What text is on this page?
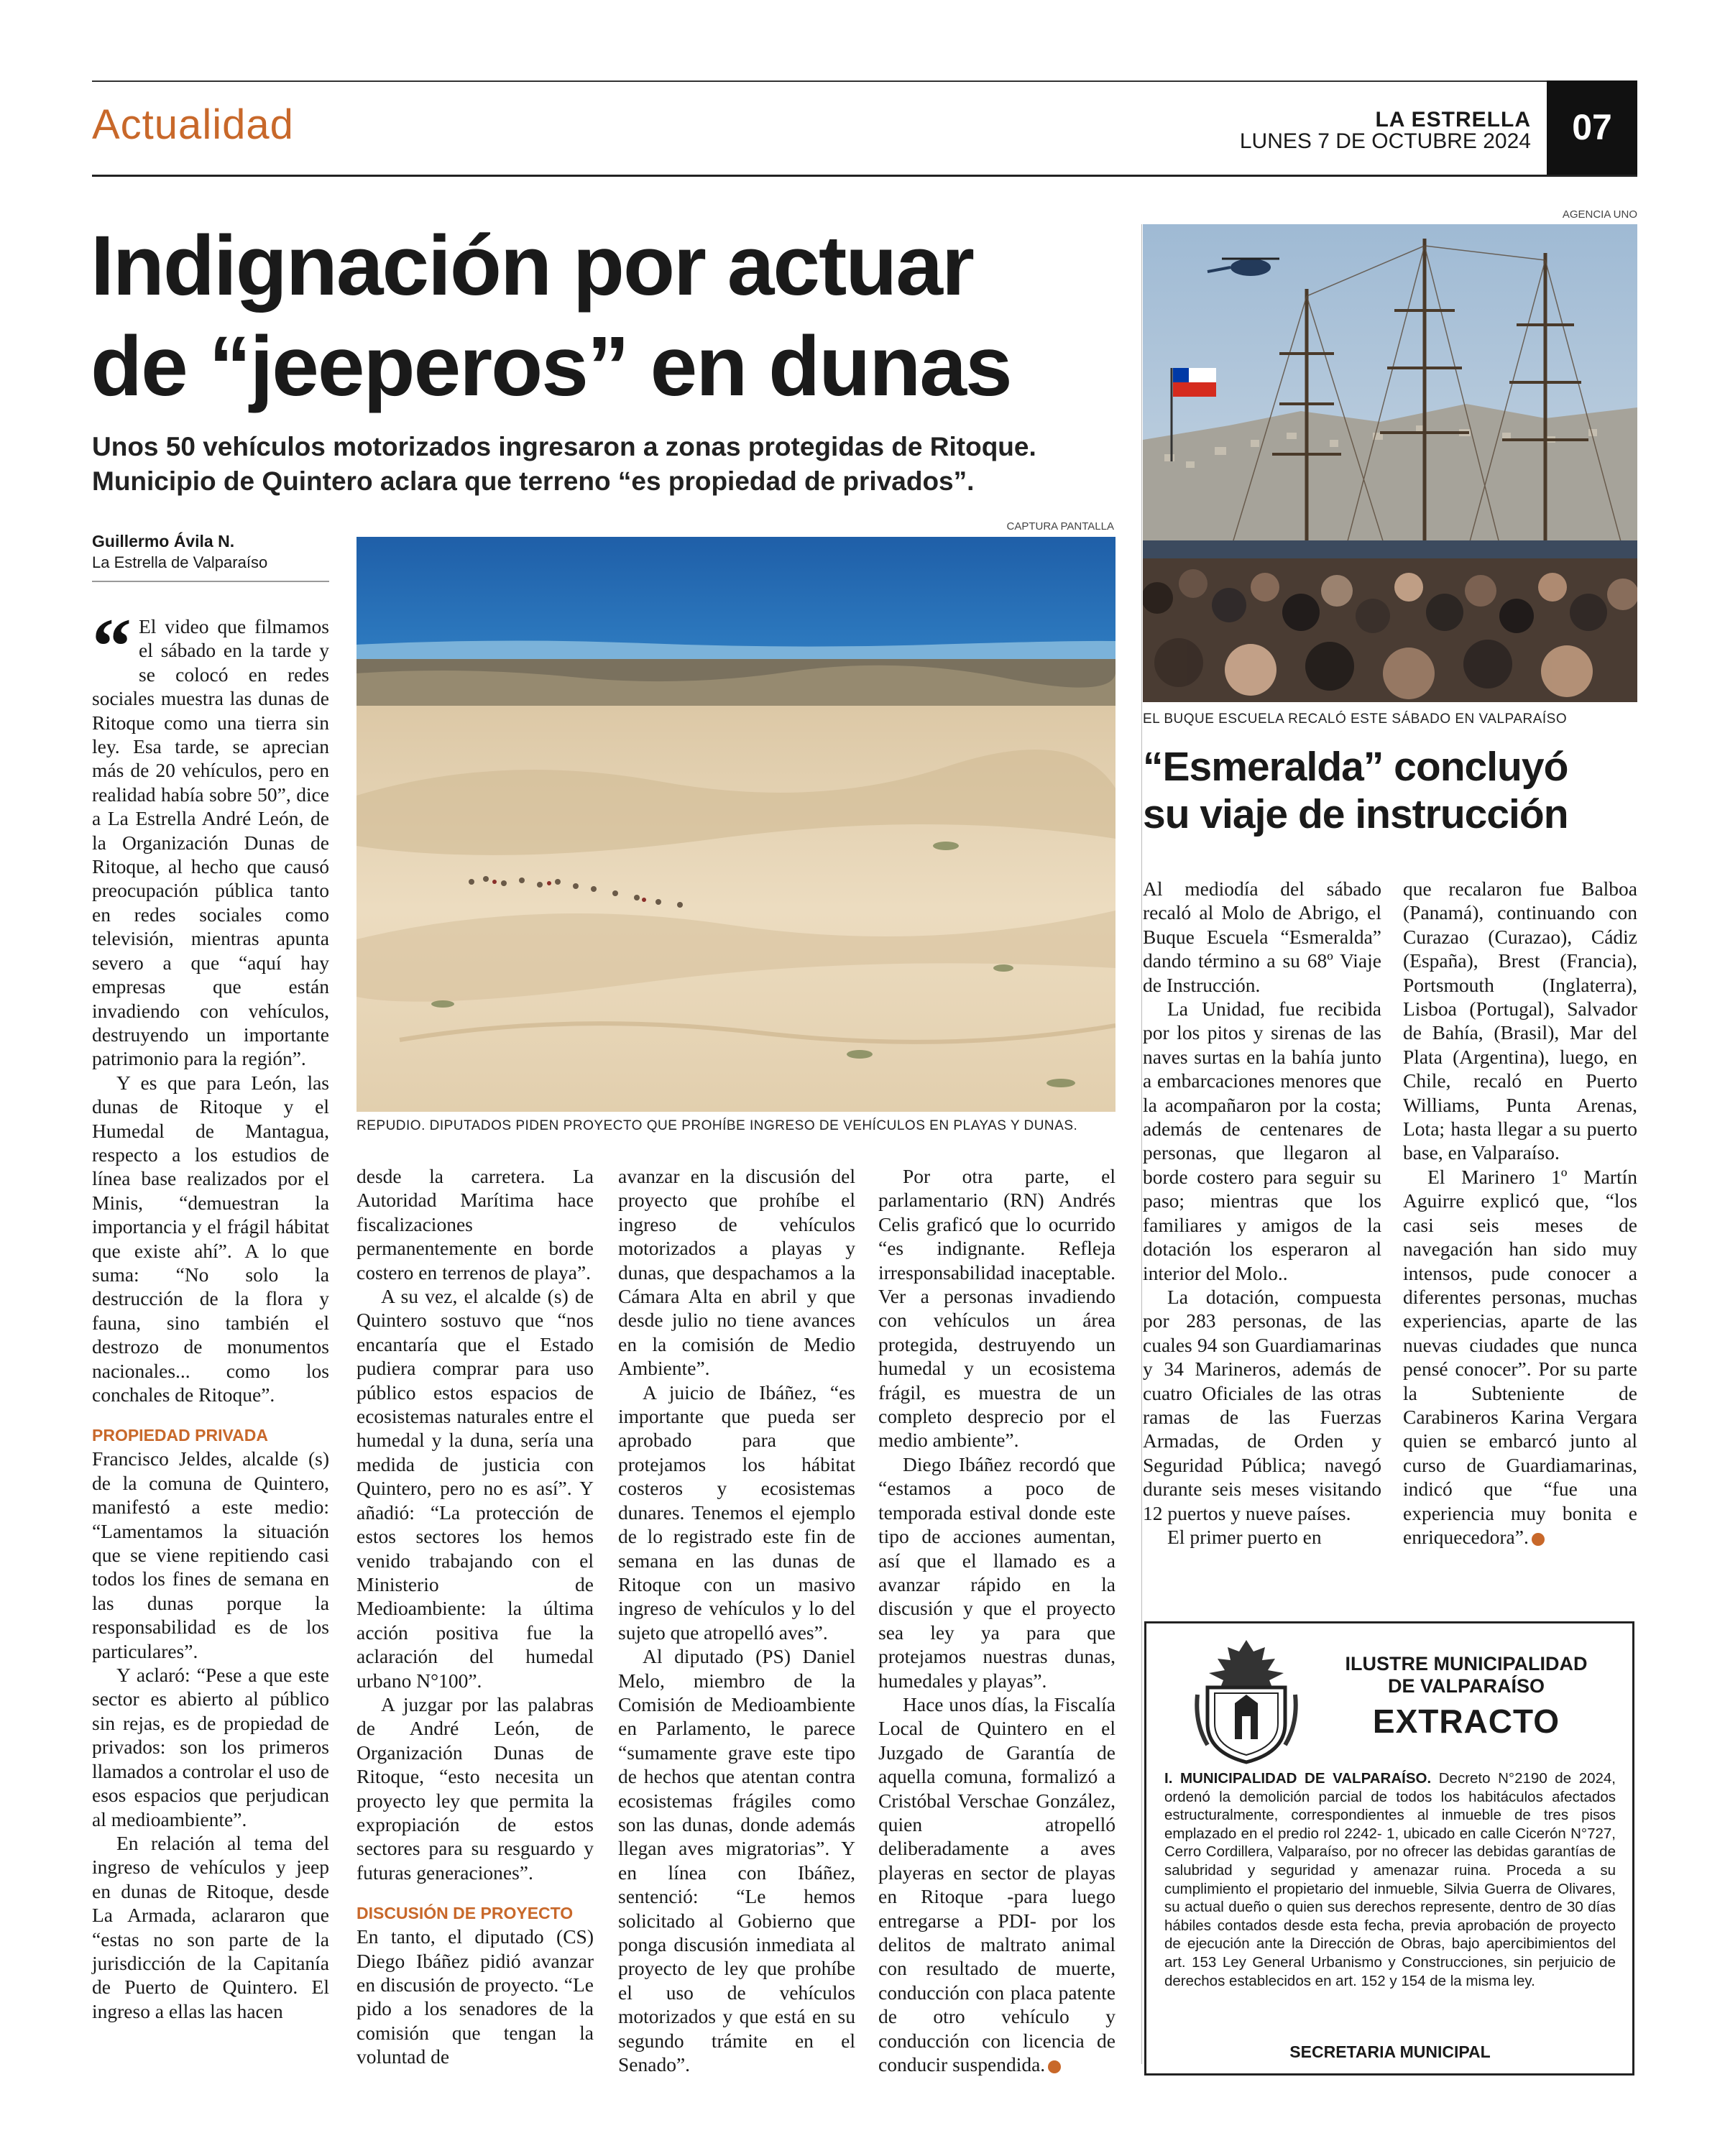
Actualidad	LA ESTRELLA
LUNES 7 DE OCTUBRE 2024	07
Indignación por actuar
de “jeeperos” en dunas
Unos 50 vehículos motorizados ingresaron a zonas protegidas de Ritoque. Municipio de Quintero aclara que terreno “es propiedad de privados”.
Guillermo Ávila N.
La Estrella de Valparaíso
CAPTURA PANTALLA
REPUDIO. DIPUTADOS PIDEN PROYECTO QUE PROHÍBE INGRESO DE VEHÍCULOS EN PLAYAS Y DUNAS.

“ El video que filmamos el sábado en la tarde y se colocó en redes sociales muestra las dunas de Ritoque como una tierra sin ley. Esa tarde, se aprecian más de 20 vehículos, pero en realidad había sobre 50”, dice a La Estrella André León, de la Organización Dunas de Ritoque, al hecho que causó preocupación pública tanto en redes sociales como televisión, mientras apunta severo a que “aquí hay empresas que están invadiendo con vehículos, destruyendo un importante patrimonio para la región”.

Y es que para León, las dunas de Ritoque y el Humedal de Mantagua, respecto a los estudios de línea base realizados por el Minis, “demuestran la importancia y el frágil hábitat que existe ahí”. A lo que suma: “No solo la destrucción de la flora y fauna, sino también el destrozo de monumentos nacionales... como los conchales de Ritoque”.

PROPIEDAD PRIVADA

Francisco Jeldes, alcalde (s) de la comuna de Quintero, manifestó a este medio: “Lamentamos la situación que se viene repitiendo casi todos los fines de semana en las dunas porque la responsabilidad es de los particulares”.

Y aclaró: “Pese a que este sector es abierto al público sin rejas, es de propiedad de privados: son los primeros llamados a controlar el uso de esos espacios que perjudican al medioambiente”.

En relación al tema del ingreso de vehículos y jeep en dunas de Ritoque, desde La Armada, aclararon que “estas no son parte de la jurisdicción de la Capitanía de Puerto de Quintero. El ingreso a ellas las hacen

desde la carretera. La Autoridad Marítima hace fiscalizaciones permanentemente en borde costero en terrenos de playa”.

A su vez, el alcalde (s) de Quintero sostuvo que “nos encantaría que el Estado pudiera comprar para uso público estos espacios de ecosistemas naturales entre el humedal y la duna, sería una medida de justicia con Quintero, pero no es así”. Y añadió: “La protección de estos sectores los hemos venido trabajando con el Ministerio de Medioambiente: la última acción positiva fue la aclaración del humedal urbano N°100”.

A juzgar por las palabras de André León, de Organización Dunas de Ritoque, “esto necesita un proyecto ley que permita la expropiación de estos sectores para su resguardo y futuras generaciones”.

DISCUSIÓN DE PROYECTO

En tanto, el diputado (CS) Diego Ibáñez pidió avanzar en discusión de proyecto. “Le pido a los senadores de la comisión que tengan la voluntad de

avanzar en la discusión del proyecto que prohíbe el ingreso de vehículos motorizados a playas y dunas, que despachamos a la Cámara Alta en abril y que desde julio no tiene avances en la comisión de Medio Ambiente”.

A juicio de Ibáñez, “es importante que pueda ser aprobado para que protejamos los hábitat costeros y ecosistemas dunares. Tenemos el ejemplo de lo registrado este fin de semana en las dunas de Ritoque con un masivo ingreso de vehículos y lo del sujeto que atropelló aves”.

Al diputado (PS) Daniel Melo, miembro de la Comisión de Medioambiente en Parlamento, le parece “sumamente grave este tipo de hechos que atentan contra ecosistemas frágiles como son las dunas, donde además llegan aves migratorias”. Y en línea con Ibáñez, sentenció: “Le hemos solicitado al Gobierno que ponga discusión inmediata al proyecto de ley que prohíbe el uso de vehículos motorizados y que está en su segundo trámite en el Senado”.

Por otra parte, el parlamentario (RN) Andrés Celis graficó que lo ocurrido “es indignante. Refleja irresponsabilidad inaceptable. Ver a personas invadiendo con vehículos un área protegida, destruyendo un humedal y un ecosistema frágil, es muestra de un completo desprecio por el medio ambiente”.

Diego Ibáñez recordó que “estamos a poco de temporada estival donde este tipo de acciones aumentan, así que el llamado es a avanzar rápido en la discusión y que el proyecto sea ley ya para que protejamos nuestras dunas, humedales y playas”.

Hace unos días, la Fiscalía Local de Quintero en el Juzgado de Garantía de aquella comuna, formalizó a Cristóbal Verschae González, quien atropelló deliberadamente a aves playeras en sector de playas en Ritoque -para luego entregarse a PDI- por los delitos de maltrato animal con resultado de muerte, conducción con placa patente de otro vehículo y conducción con licencia de conducir suspendida.	✪

AGENCIA UNO
EL BUQUE ESCUELA RECALÓ ESTE SÁBADO EN VALPARAÍSO
“Esmeralda” concluyó
su viaje de instrucción

Al mediodía del sábado recaló al Molo de Abrigo, el Buque Escuela “Esmeralda” dando término a su 68º Viaje de Instrucción.

La Unidad, fue recibida por los pitos y sirenas de las naves surtas en la bahía junto a embarcaciones menores que la acompañaron por la costa; además de centenares de personas, que llegaron al borde costero para seguir su paso; mientras que los familiares y amigos de la dotación los esperaron al interior del Molo..

La dotación, compuesta por 283 personas, de las cuales 94 son Guardiamarinas y 34 Marineros, además de cuatro Oficiales de las otras ramas de las Fuerzas Armadas, de Orden y Seguridad Pública; navegó durante seis meses visitando 12 puertos y nueve países.

El primer puerto en

que recalaron fue Balboa (Panamá), continuando con Curazao (Curazao), Cádiz (España), Brest (Francia), Portsmouth (Inglaterra), Lisboa (Portugal), Salvador de Bahía, (Brasil), Mar del Plata (Argentina), luego, en Chile, recaló en Puerto Williams, Punta Arenas, Lota; hasta llegar a su puerto base, en Valparaíso.

El Marinero 1º Martín Aguirre explicó que, “los casi seis meses de navegación han sido muy intensos, pude conocer a diferentes personas, muchas experiencias, aparte de las nuevas ciudades que nunca pensé conocer”. Por su parte la Subteniente de Carabineros Karina Vergara quien se embarcó junto al curso de Guardiamarinas, indicó que “fue una experiencia muy bonita e enriquecedora”.	✪

ILUSTRE MUNICIPALIDAD
DE VALPARAÍSO
EXTRACTO
I. MUNICIPALIDAD DE VALPARAÍSO. Decreto N°2190 de 2024, ordenó la demolición parcial de todos los habitáculos afectados estructuralmente, correspondientes al inmueble de tres pisos emplazado en el predio rol 2242- 1, ubicado en calle Cicerón N°727, Cerro Cordillera, Valparaíso, por no ofrecer las debidas garantías de salubridad y seguridad y amenazar ruina. Proceda a su cumplimiento el propietario del inmueble, Silvia Guerra de Olivares, su actual dueño o quien sus derechos represente, dentro de 30 días hábiles contados desde esta fecha, previa aprobación de proyecto de ejecución ante la Dirección de Obras, bajo apercibimientos del art. 153 Ley General Urbanismo y Construcciones, sin perjuicio de derechos establecidos en art. 152 y 154 de la misma ley.
SECRETARIA MUNICIPAL
